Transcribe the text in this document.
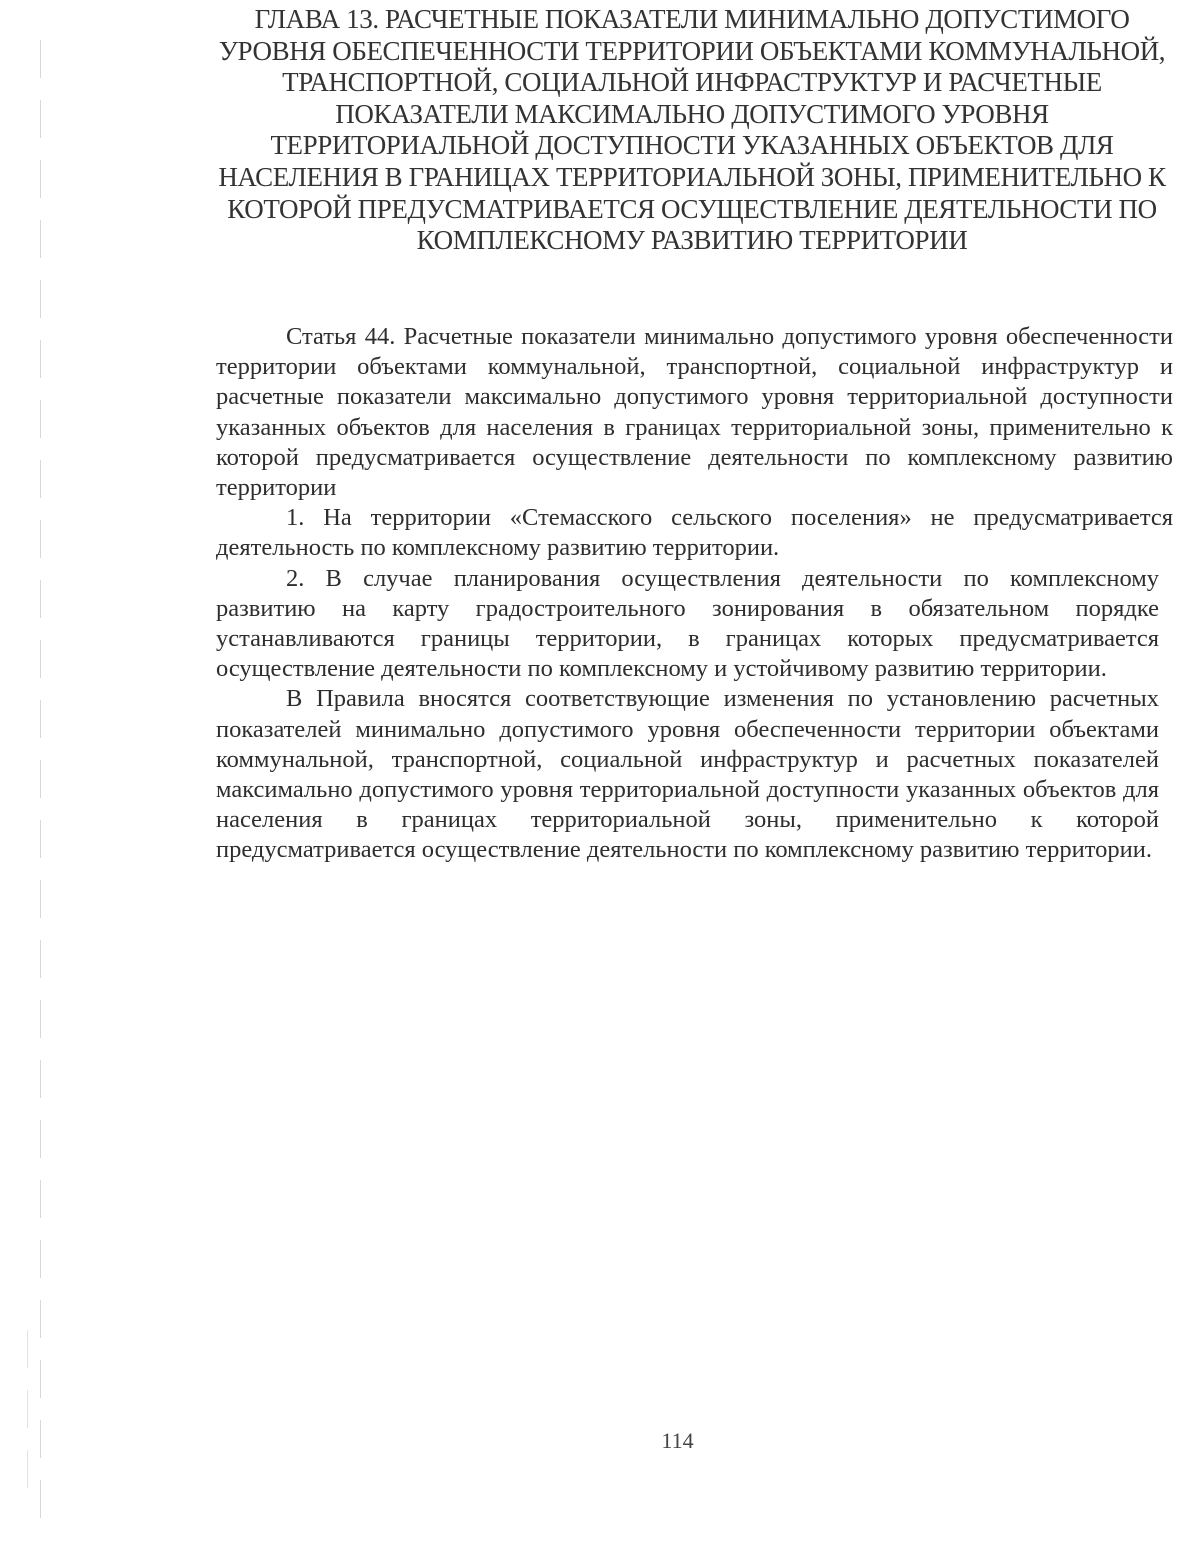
ГЛАВА 13. РАСЧЕТНЫЕ ПОКАЗАТЕЛИ МИНИМАЛЬНО ДОПУСТИМОГО УРОВНЯ ОБЕСПЕЧЕННОСТИ ТЕРРИТОРИИ ОБЪЕКТАМИ КОММУНАЛЬНОЙ, ТРАНСПОРТНОЙ, СОЦИАЛЬНОЙ ИНФРАСТРУКТУР И РАСЧЕТНЫЕ ПОКАЗАТЕЛИ МАКСИМАЛЬНО ДОПУСТИМОГО УРОВНЯ ТЕРРИТОРИАЛЬНОЙ ДОСТУПНОСТИ УКАЗАННЫХ ОБЪЕКТОВ ДЛЯ НАСЕЛЕНИЯ В ГРАНИЦАХ ТЕРРИТОРИАЛЬНОЙ ЗОНЫ, ПРИМЕНИТЕЛЬНО К КОТОРОЙ ПРЕДУСМАТРИВАЕТСЯ ОСУЩЕСТВЛЕНИЕ ДЕЯТЕЛЬНОСТИ ПО КОМПЛЕКСНОМУ РАЗВИТИЮ ТЕРРИТОРИИ

Статья 44. Расчетные показатели минимально допустимого уровня обеспеченности территории объектами коммунальной, транспортной, социальной инфраструктур и расчетные показатели максимально допустимого уровня территориальной доступности указанных объектов для населения в границах территориальной зоны, применительно к которой предусматривается осуществление деятельности по комплексному развитию территории

1. На территории «Стемасского сельского поселения» не предусматривается деятельность по комплексному развитию территории.

2. В случае планирования осуществления деятельности по комплексному развитию на карту градостроительного зонирования в обязательном порядке устанавливаются границы территории, в границах которых предусматривается осуществление деятельности по комплексному и устойчивому развитию территории.

В Правила вносятся соответствующие изменения по установлению расчетных показателей минимально допустимого уровня обеспеченности территории объектами коммунальной, транспортной, социальной инфраструктур и расчетных показателей максимально допустимого уровня территориальной доступности указанных объектов для населения в границах территориальной зоны, применительно к которой предусматривается осуществление деятельности по комплексному развитию территории.

114
